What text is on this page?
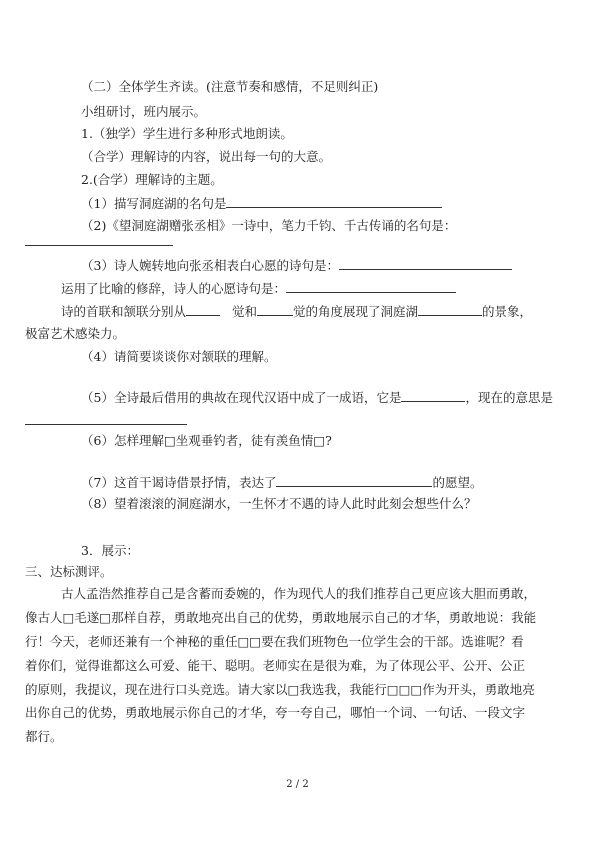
（二）全体学生齐读。(注意节奏和感情，不足则纠正)
小组研讨，班内展示。
1.（独学）学生进行多种形式地朗读。
（合学）理解诗的内容，说出每一句的大意。
2.(合学）理解诗的主题。
（1）描写洞庭湖的名句是
（2)《望洞庭湖赠张丞相》一诗中，笔力千钧、千古传诵的名句是：
（3）诗人婉转地向张丞相表白心愿的诗句是：
运用了比喻的修辞，诗人的心愿诗句是：
诗的首联和颔联分别从	觉和	觉的角度展现了洞庭湖	的景象，
极富艺术感染力。
（4）请简要谈谈你对颔联的理解。
（5）全诗最后借用的典故在现代汉语中成了一成语，它是	，现在的意思是
（6）怎样理解□坐观垂钓者，徒有羡鱼情□?
（7）这首干谒诗借景抒情，表达了	的愿望。
（8）望着滚滚的洞庭湖水，一生怀才不遇的诗人此时此刻会想些什么？
3．展示：
三、达标测评。
古人孟浩然推荐自己是含蓄而委婉的，作为现代人的我们推荐自己更应该大胆而勇敢，
像古人□毛遂□那样自荐，勇敢地亮出自己的优势，勇敢地展示自己的才华，勇敢地说：我能
行！今天，老师还兼有一个神秘的重任□□要在我们班物色一位学生会的干部。选谁呢？看
着你们，觉得谁都这么可爱、能干、聪明。老师实在是很为难，为了体现公平、公开、公正
的原则，我提议，现在进行口头竞选。请大家以□我选我，我能行□□□作为开头，勇敢地亮
出你自己的优势，勇敢地展示你自己的才华，夸一夸自己，哪怕一个词、一句话、一段文字
都行。
2 / 2
